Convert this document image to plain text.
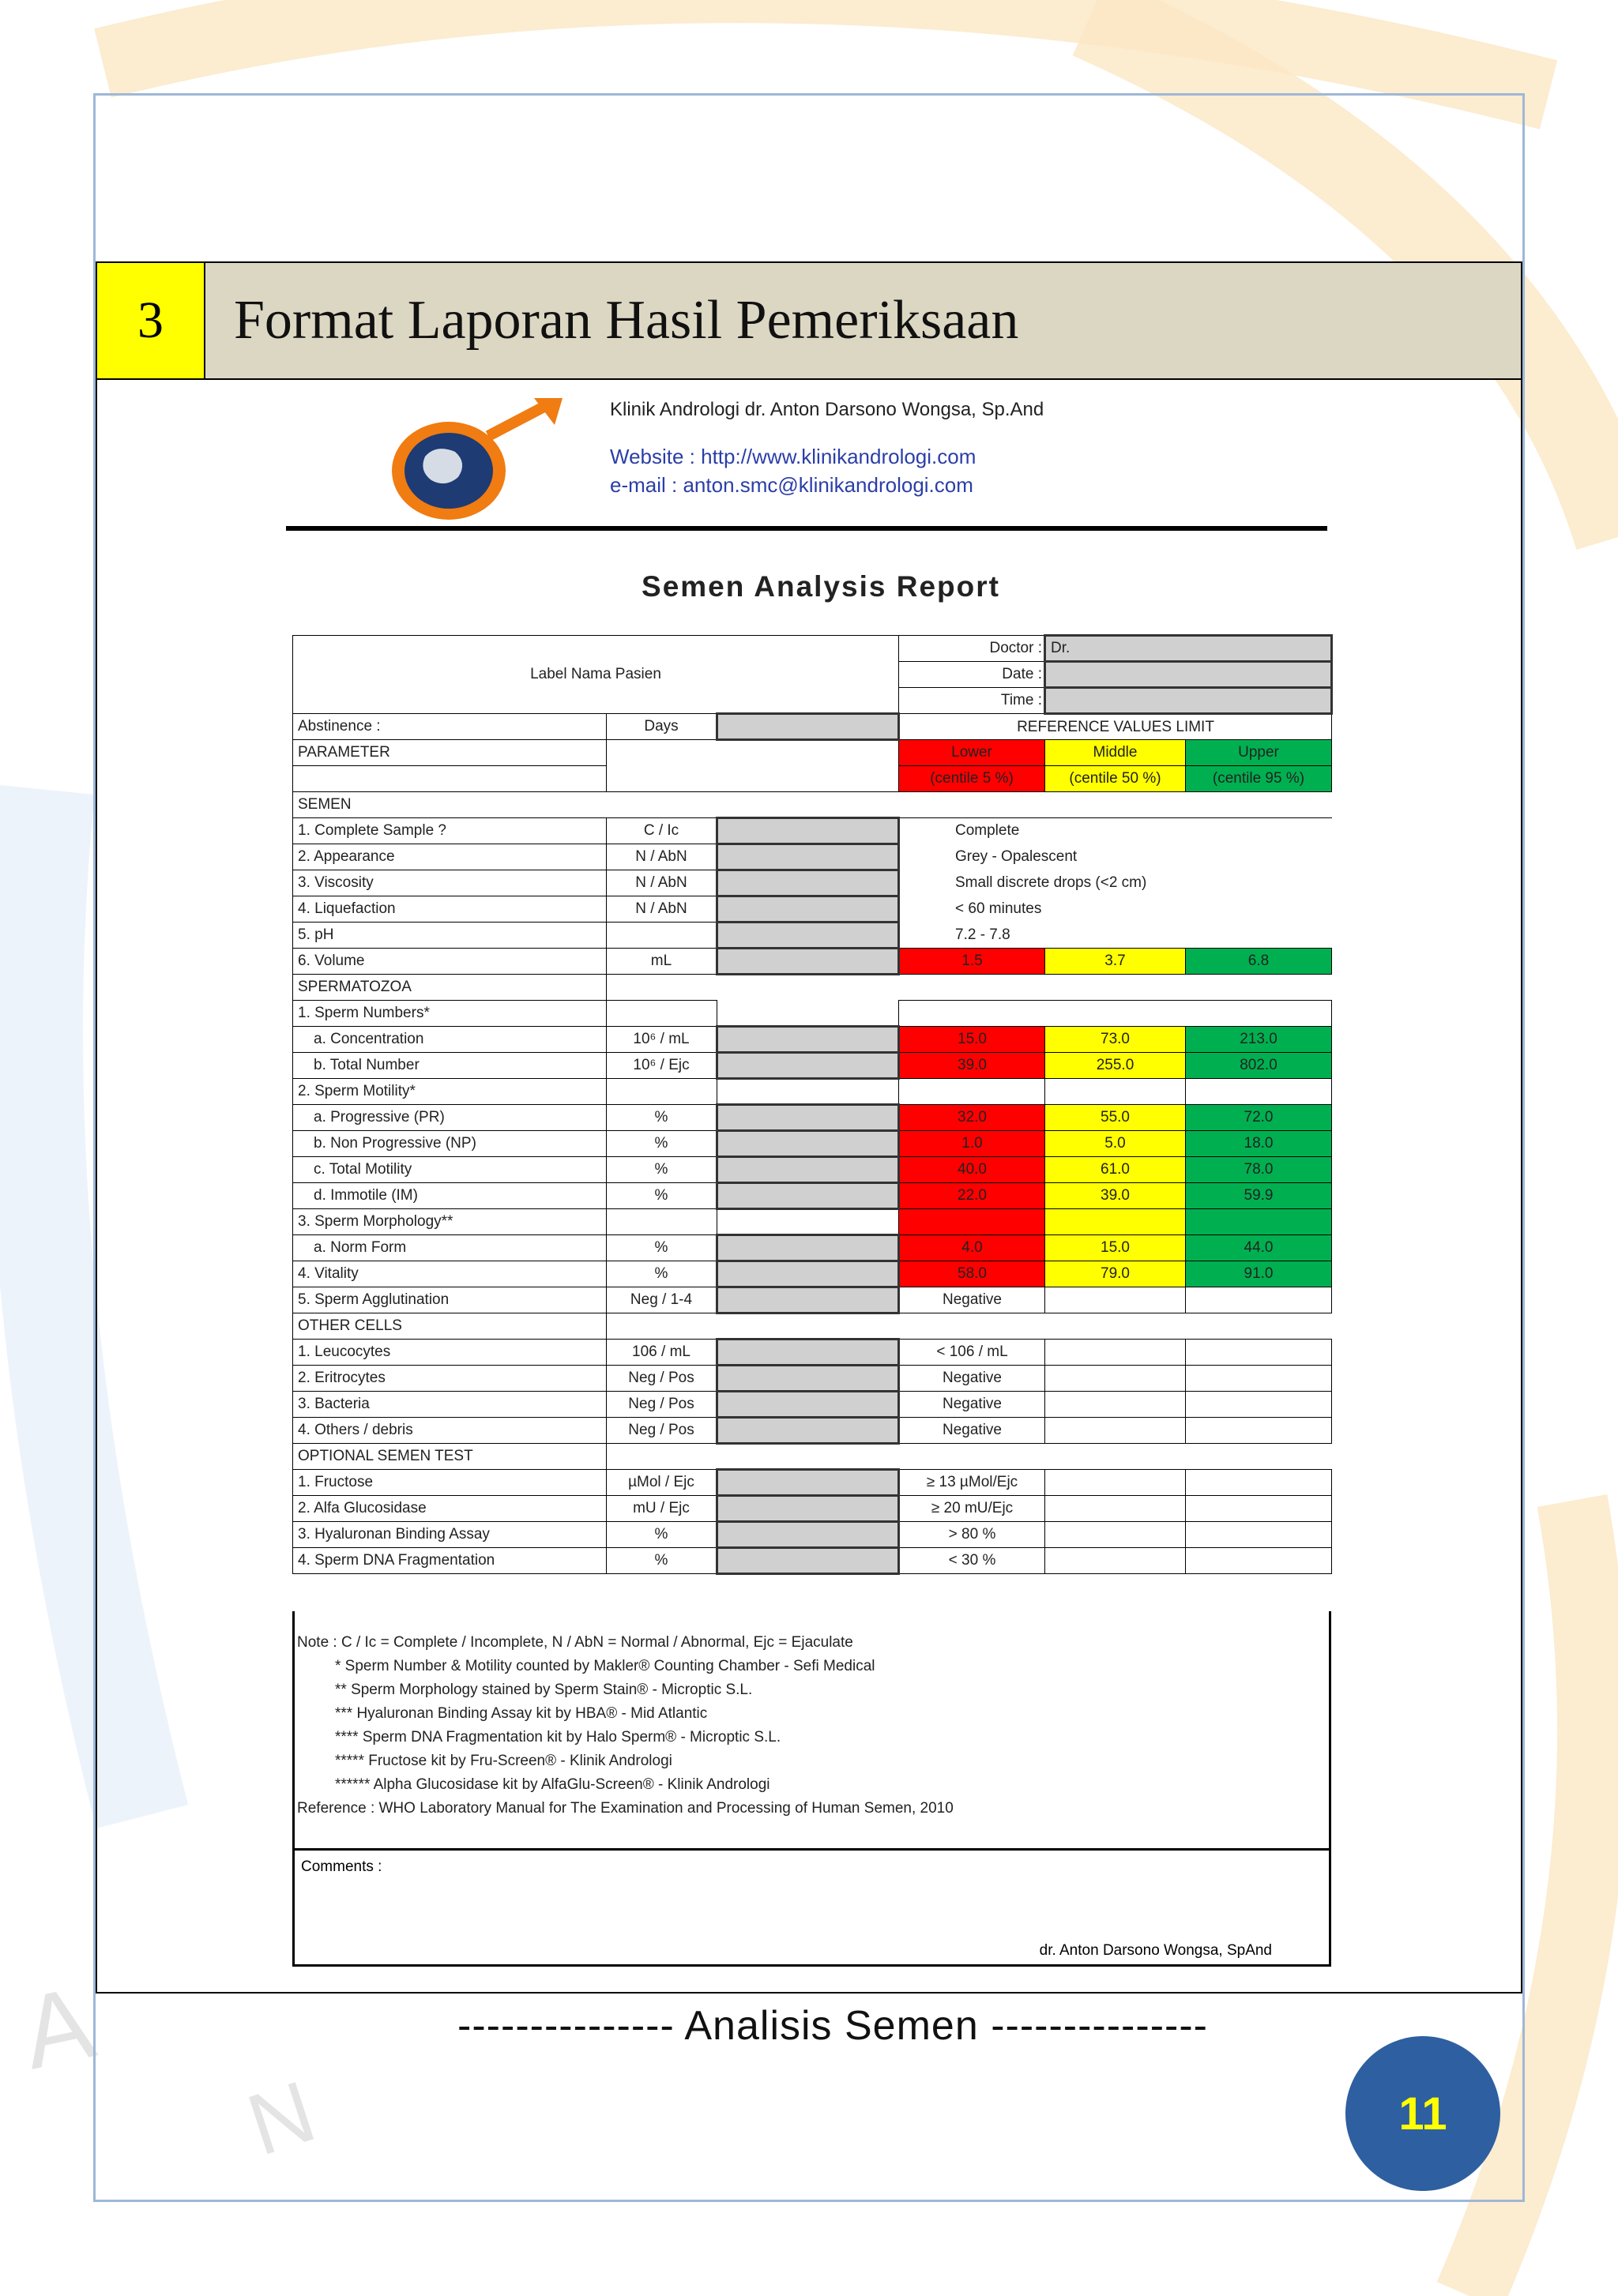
A
N
3	Format Laporan Hasil Pemeriksaan
Klinik Andrologi dr. Anton Darsono Wongsa, Sp.And
Website : http://www.klinikandrologi.com
e-mail : anton.smc@klinikandrologi.com
Semen Analysis Report
Label Nama Pasien			Doctor :	Dr.	
			Date :		
			Time :		
Abstinence :	Days		REFERENCE VALUES LIMIT		
PARAMETER			Lower	Middle	Upper
			(centile 5 %)	(centile 50 %)	(centile 95 %)
SEMEN					
1. Complete Sample ?	C / Ic		Complete		
2. Appearance	N / AbN		Grey - Opalescent		
3. Viscosity	N / AbN		Small discrete drops (<2 cm)		
4. Liquefaction	N / AbN		< 60 minutes		
5. pH			7.2 - 7.8		
6. Volume	mL		1.5	3.7	6.8
SPERMATOZOA					
1. Sperm Numbers*					
a. Concentration	10⁶ / mL		15.0	73.0	213.0
b. Total Number	10⁶ / Ejc		39.0	255.0	802.0
2. Sperm Motility*					
a. Progressive (PR)	%		32.0	55.0	72.0
b. Non Progressive (NP)	%		1.0	5.0	18.0
c. Total Motility	%		40.0	61.0	78.0
d. Immotile (IM)	%		22.0	39.0	59.9
3. Sperm Morphology**					
a. Norm Form	%		4.0	15.0	44.0
4. Vitality	%		58.0	79.0	91.0
5. Sperm Agglutination	Neg / 1-4		Negative		
OTHER CELLS					
1. Leucocytes	106 / mL		< 106 / mL		
2. Eritrocytes	Neg / Pos		Negative		
3. Bacteria	Neg / Pos		Negative		
4. Others / debris	Neg / Pos		Negative		
OPTIONAL SEMEN TEST					
1. Fructose	µMol / Ejc		≥ 13 µMol/Ejc		
2. Alfa Glucosidase	mU / Ejc		≥ 20 mU/Ejc		
3. Hyaluronan Binding Assay	%		> 80 %		
4. Sperm DNA Fragmentation	%		< 30 %		
Note : C / Ic = Complete / Incomplete, N / AbN = Normal / Abnormal, Ejc = Ejaculate
* Sperm Number & Motility counted by Makler® Counting Chamber - Sefi Medical
** Sperm Morphology stained by Sperm Stain® - Microptic S.L.
*** Hyaluronan Binding Assay kit by HBA® - Mid Atlantic
**** Sperm DNA Fragmentation kit by Halo Sperm® - Microptic S.L.
***** Fructose kit by Fru-Screen® - Klinik Andrologi
****** Alpha Glucosidase kit by AlfaGlu-Screen® - Klinik Andrologi
Reference : WHO Laboratory Manual for The Examination and Processing of Human Semen, 2010
Comments :
dr. Anton Darsono Wongsa, SpAnd
--------------- Analisis Semen ---------------
11
